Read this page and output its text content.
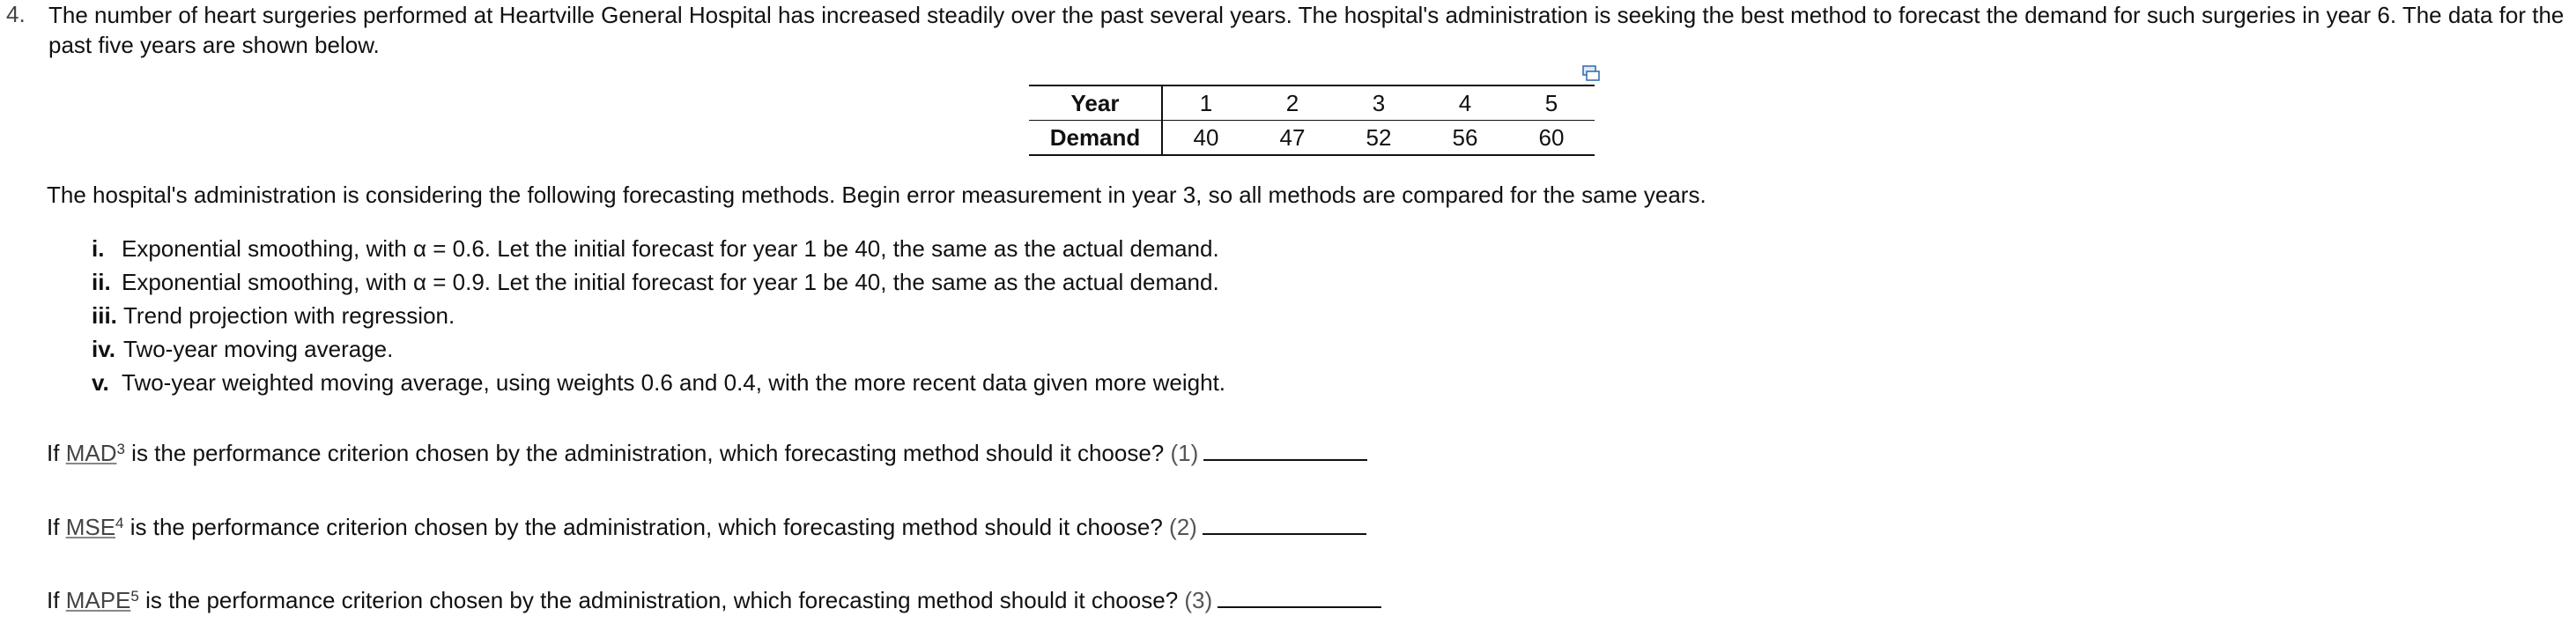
4. The number of heart surgeries performed at Heartville General Hospital has increased steadily over the past several years. The hospital's administration is seeking the best method to forecast the demand for such surgeries in year 6. The data for the past five years are shown below.
Year	1	2	3	4	5
Demand	40	47	52	56	60
The hospital's administration is considering the following forecasting methods. Begin error measurement in year 3, so all methods are compared for the same years.
i. Exponential smoothing, with α = 0.6. Let the initial forecast for year 1 be 40, the same as the actual demand.
ii. Exponential smoothing, with α = 0.9. Let the initial forecast for year 1 be 40, the same as the actual demand.
iii. Trend projection with regression.
iv. Two-year moving average.
v. Two-year weighted moving average, using weights 0.6 and 0.4, with the more recent data given more weight.
If MAD$^3$ is the performance criterion chosen by the administration, which forecasting method should it choose? (1)
If MSE$^4$ is the performance criterion chosen by the administration, which forecasting method should it choose? (2)
If MAPE$^5$ is the performance criterion chosen by the administration, which forecasting method should it choose? (3)
